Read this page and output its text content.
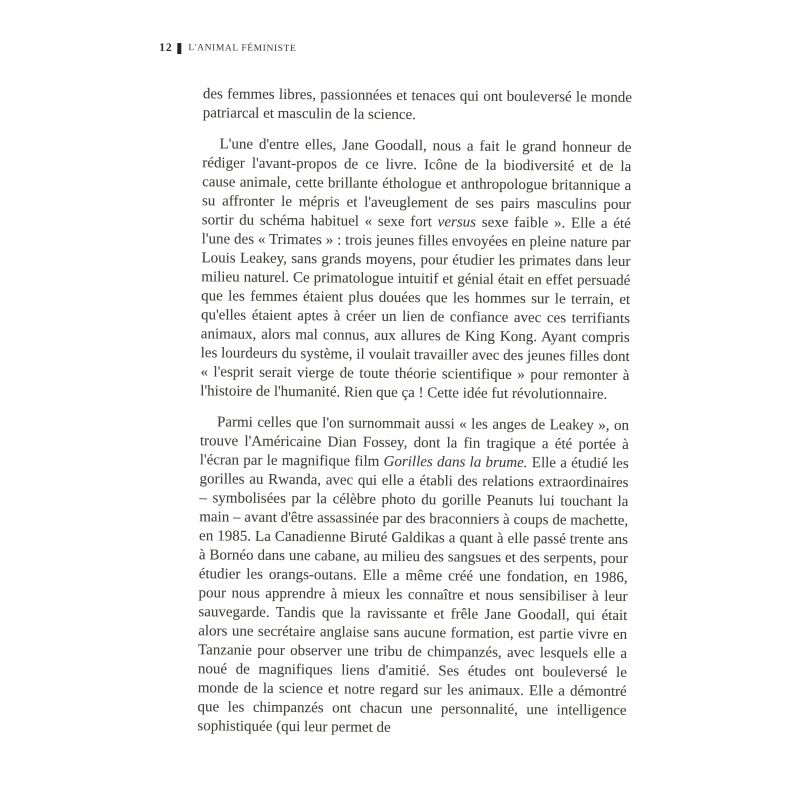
12 L'ANIMAL FÉMINISTE

des femmes libres, passionnées et tenaces qui ont bouleversé le monde patriarcal et masculin de la science.

L'une d'entre elles, Jane Goodall, nous a fait le grand honneur de rédiger l'avant-propos de ce livre. Icône de la biodiversité et de la cause animale, cette brillante éthologue et anthropologue britannique a su affronter le mépris et l'aveuglement de ses pairs masculins pour sortir du schéma habituel « sexe fort versus sexe faible ». Elle a été l'une des « Trimates » : trois jeunes filles envoyées en pleine nature par Louis Leakey, sans grands moyens, pour étudier les primates dans leur milieu naturel. Ce primatologue intuitif et génial était en effet persuadé que les femmes étaient plus douées que les hommes sur le terrain, et qu'elles étaient aptes à créer un lien de confiance avec ces terrifiants animaux, alors mal connus, aux allures de King Kong. Ayant compris les lourdeurs du système, il voulait travailler avec des jeunes filles dont « l'esprit serait vierge de toute théorie scientifique » pour remonter à l'histoire de l'humanité. Rien que ça ! Cette idée fut révolutionnaire.

Parmi celles que l'on surnommait aussi « les anges de Leakey », on trouve l'Américaine Dian Fossey, dont la fin tragique a été portée à l'écran par le magnifique film Gorilles dans la brume. Elle a étudié les gorilles au Rwanda, avec qui elle a établi des relations extraordinaires – symbolisées par la célèbre photo du gorille Peanuts lui touchant la main – avant d'être assassinée par des braconniers à coups de machette, en 1985. La Canadienne Biruté Galdikas a quant à elle passé trente ans à Bornéo dans une cabane, au milieu des sangsues et des serpents, pour étudier les orangs-outans. Elle a même créé une fondation, en 1986, pour nous apprendre à mieux les connaître et nous sensibiliser à leur sauvegarde. Tandis que la ravissante et frêle Jane Goodall, qui était alors une secrétaire anglaise sans aucune formation, est partie vivre en Tanzanie pour observer une tribu de chimpanzés, avec lesquels elle a noué de magnifiques liens d'amitié. Ses études ont bouleversé le monde de la science et notre regard sur les animaux. Elle a démontré que les chimpanzés ont chacun une personnalité, une intelligence sophistiquée (qui leur permet de
